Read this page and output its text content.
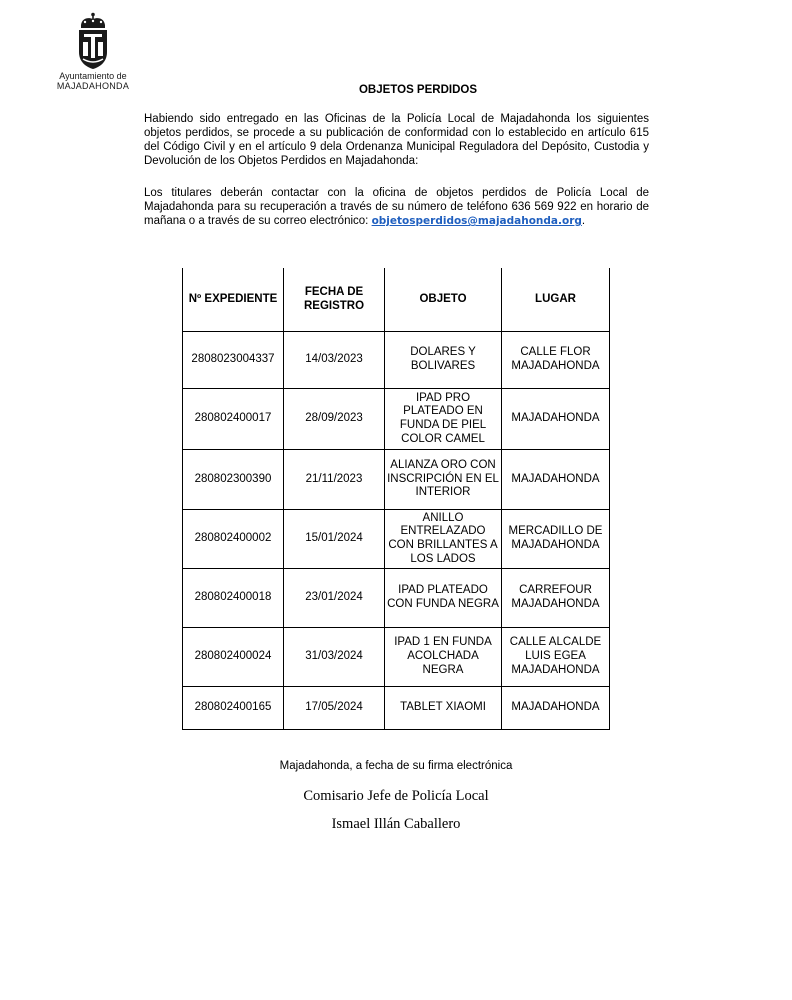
Ayuntamiento de
MAJADAHONDA	OBJETOS PERDIDOS
Habiendo sido entregado en las Oficinas de la Policía Local de Majadahonda los siguientes objetos perdidos, se procede a su publicación de conformidad con lo establecido en artículo 615 del Código Civil y en el artículo 9 dela Ordenanza Municipal Reguladora del Depósito, Custodia y Devolución de los Objetos Perdidos en Majadahonda:
Los titulares deberán contactar con la oficina de objetos perdidos de Policía Local de Majadahonda para su recuperación a través de su número de teléfono 636 569 922 en horario de mañana o a través de su correo electrónico: objetosperdidos@majadahonda.org.
Nº EXPEDIENTE	FECHA DE REGISTRO	OBJETO	LUGAR
2808023004337	14/03/2023	DOLARES Y BOLIVARES	CALLE FLOR MAJADAHONDA
280802400017	28/09/2023	IPAD PRO PLATEADO EN FUNDA DE PIEL COLOR CAMEL	MAJADAHONDA
280802300390	21/11/2023	ALIANZA ORO CON INSCRIPCIÓN EN EL INTERIOR	MAJADAHONDA
280802400002	15/01/2024	ANILLO ENTRELAZADO CON BRILLANTES A LOS LADOS	MERCADILLO DE MAJADAHONDA
280802400018	23/01/2024	IPAD PLATEADO CON FUNDA NEGRA	CARREFOUR MAJADAHONDA
280802400024	31/03/2024	IPAD 1 EN FUNDA ACOLCHADA NEGRA	CALLE ALCALDE LUIS EGEA MAJADAHONDA
280802400165	17/05/2024	TABLET XIAOMI	MAJADAHONDA
Majadahonda, a fecha de su firma electrónica
Comisario Jefe de Policía Local
Ismael Illán Caballero
